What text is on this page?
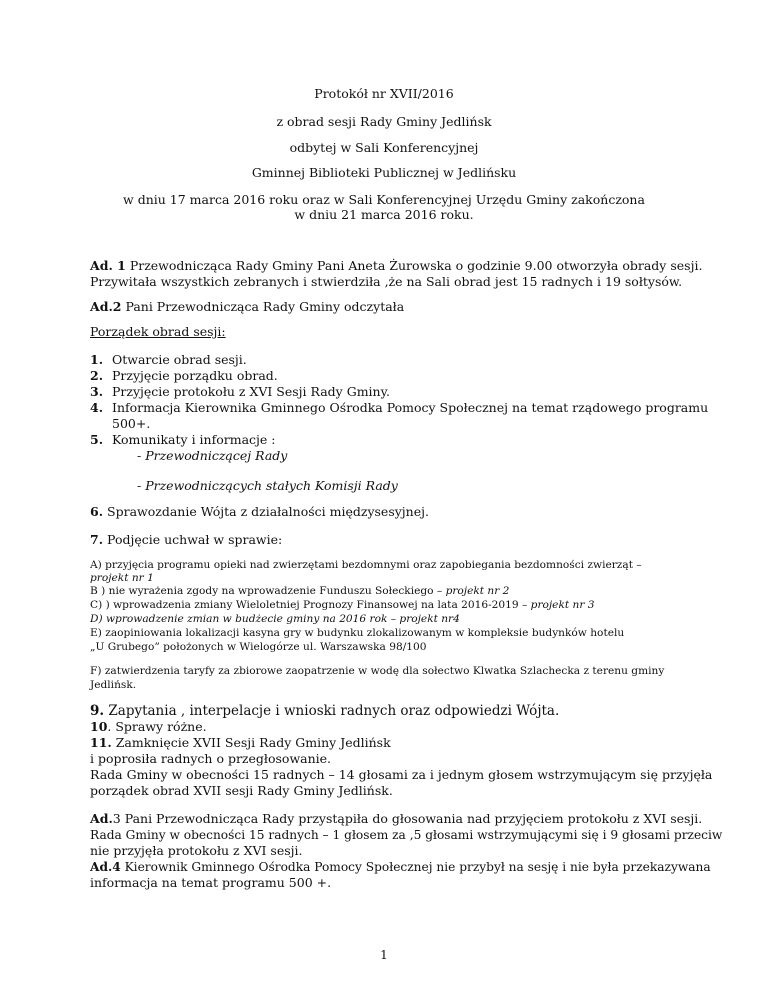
Protokół nr XVII/2016
z obrad sesji Rady Gminy Jedlińsk
odbytej w Sali Konferencyjnej
Gminnej Biblioteki Publicznej w Jedlińsku
w dniu 17 marca 2016 roku oraz w Sali Konferencyjnej Urzędu Gminy zakończona
w dniu 21 marca 2016 roku.
Ad. 1 Przewodnicząca Rady Gminy Pani Aneta Żurowska o godzinie 9.00 otworzyła obrady sesji.
Przywitała wszystkich zebranych i stwierdziła ,że na Sali obrad jest 15 radnych i 19 sołtysów.
Ad.2 Pani Przewodnicząca Rady Gminy odczytała
Porządek obrad sesji:
1. Otwarcie obrad sesji.
2. Przyjęcie porządku obrad.
3. Przyjęcie protokołu z XVI Sesji Rady Gminy.
4. Informacja Kierownika Gminnego Ośrodka Pomocy Społecznej na temat rządowego programu
500+.
5. Komunikaty i informacje :
- Przewodniczącej Rady
- Przewodniczących stałych Komisji Rady
6. Sprawozdanie Wójta z działalności międzysesyjnej.
7. Podjęcie uchwał w sprawie:
A) przyjęcia programu opieki nad zwierzętami bezdomnymi oraz zapobiegania bezdomności zwierząt –
projekt nr 1
B ) nie wyrażenia zgody na wprowadzenie Funduszu Sołeckiego – projekt nr 2
C) ) wprowadzenia zmiany Wieloletniej Prognozy Finansowej na lata 2016-2019 – projekt nr 3
D) wprowadzenie zmian w budżecie gminy na 2016 rok – projekt nr4
E) zaopiniowania lokalizacji kasyna gry w budynku zlokalizowanym w kompleksie budynków hotelu
„U Grubego” położonych w Wielogórze ul. Warszawska 98/100
F) zatwierdzenia taryfy za zbiorowe zaopatrzenie w wodę dla sołectwo Klwatka Szlachecka z terenu gminy
Jedlińsk.
9. Zapytania , interpelacje i wnioski radnych oraz odpowiedzi Wójta.
10. Sprawy różne.
11. Zamknięcie XVII Sesji Rady Gminy Jedlińsk
i poprosiła radnych o przegłosowanie.
Rada Gminy w obecności 15 radnych – 14 głosami za i jednym głosem wstrzymującym się przyjęła
porządek obrad XVII sesji Rady Gminy Jedlińsk.
Ad.3 Pani Przewodnicząca Rady przystąpiła do głosowania nad przyjęciem protokołu z XVI sesji.
Rada Gminy w obecności 15 radnych – 1 głosem za ,5 głosami wstrzymującymi się i 9 głosami przeciw
nie przyjęła protokołu z XVI sesji.
Ad.4 Kierownik Gminnego Ośrodka Pomocy Społecznej nie przybył na sesję i nie była przekazywana
informacja na temat programu 500 +.
1
